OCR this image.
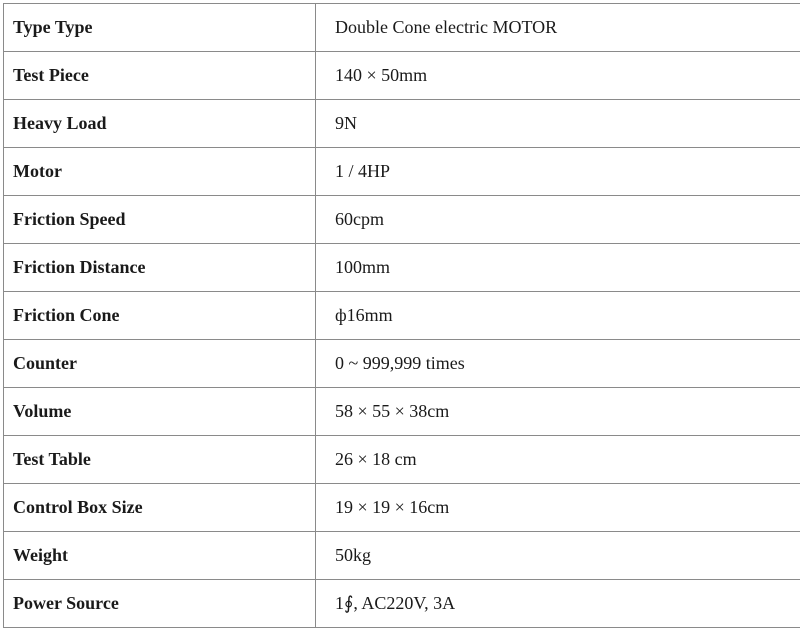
Type Type	Double Cone electric MOTOR
Test Piece	140 × 50mm
Heavy Load	9N
Motor	1 / 4HP
Friction Speed	60cpm
Friction Distance	100mm
Friction Cone	ф16mm
Counter	0 ~ 999,999 times
Volume	58 × 55 × 38cm
Test Table	26 × 18 cm
Control Box Size	19 × 19 × 16cm
Weight	50kg
Power Source	1∮, AC220V, 3A
